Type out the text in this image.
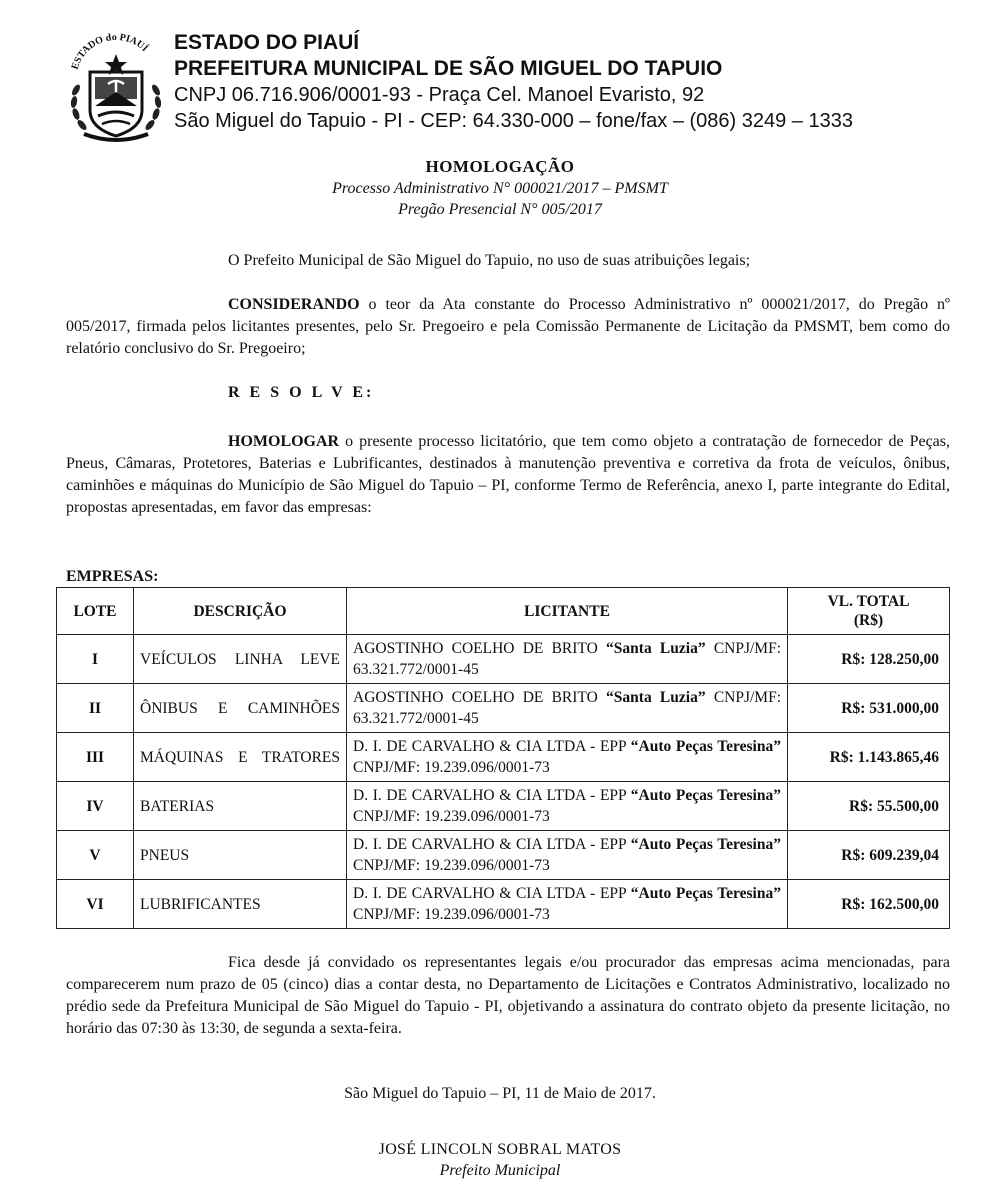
ESTADO do PIAUÍ ESTADO DO PIAUÍ
PREFEITURA MUNICIPAL DE SÃO MIGUEL DO TAPUIO
CNPJ 06.716.906/0001-93 - Praça Cel. Manoel Evaristo, 92
São Miguel do Tapuio - PI - CEP: 64.330-000 – fone/fax – (086) 3249 – 1333
HOMOLOGAÇÃO
Processo Administrativo N° 000021/2017 – PMSMT
Pregão Presencial N° 005/2017
O Prefeito Municipal de São Miguel do Tapuio, no uso de suas atribuições legais;
CONSIDERANDO o teor da Ata constante do Processo Administrativo nº 000021/2017, do Pregão nº 005/2017, firmada pelos licitantes presentes, pelo Sr. Pregoeiro e pela Comissão Permanente de Licitação da PMSMT, bem como do relatório conclusivo do Sr. Pregoeiro;
R E S O L V E:
HOMOLOGAR o presente processo licitatório, que tem como objeto a contratação de fornecedor de Peças, Pneus, Câmaras, Protetores, Baterias e Lubrificantes, destinados à manutenção preventiva e corretiva da frota de veículos, ônibus, caminhões e máquinas do Município de São Miguel do Tapuio – PI, conforme Termo de Referência, anexo I, parte integrante do Edital, propostas apresentadas, em favor das empresas:
EMPRESAS:
LOTE	DESCRIÇÃO	LICITANTE	VL. TOTAL
(R$)
I	VEÍCULOS LINHA LEVE	AGOSTINHO COELHO DE BRITO “Santa Luzia” CNPJ/MF: 63.321.772/0001-45	R$: 128.250,00
II	ÔNIBUS E CAMINHÕES	AGOSTINHO COELHO DE BRITO “Santa Luzia” CNPJ/MF: 63.321.772/0001-45	R$: 531.000,00
III	MÁQUINAS E TRATORES	D. I. DE CARVALHO & CIA LTDA - EPP “Auto Peças Teresina” CNPJ/MF: 19.239.096/0001-73	R$: 1.143.865,46
IV	BATERIAS	D. I. DE CARVALHO & CIA LTDA - EPP “Auto Peças Teresina” CNPJ/MF: 19.239.096/0001-73	R$: 55.500,00
V	PNEUS	D. I. DE CARVALHO & CIA LTDA - EPP “Auto Peças Teresina” CNPJ/MF: 19.239.096/0001-73	R$: 609.239,04
VI	LUBRIFICANTES	D. I. DE CARVALHO & CIA LTDA - EPP “Auto Peças Teresina” CNPJ/MF: 19.239.096/0001-73	R$: 162.500,00
Fica desde já convidado os representantes legais e/ou procurador das empresas acima mencionadas, para comparecerem num prazo de 05 (cinco) dias a contar desta, no Departamento de Licitações e Contratos Administrativo, localizado no prédio sede da Prefeitura Municipal de São Miguel do Tapuio - PI, objetivando a assinatura do contrato objeto da presente licitação, no horário das 07:30 às 13:30, de segunda a sexta-feira.
São Miguel do Tapuio – PI, 11 de Maio de 2017.
JOSÉ LINCOLN SOBRAL MATOS
Prefeito Municipal
